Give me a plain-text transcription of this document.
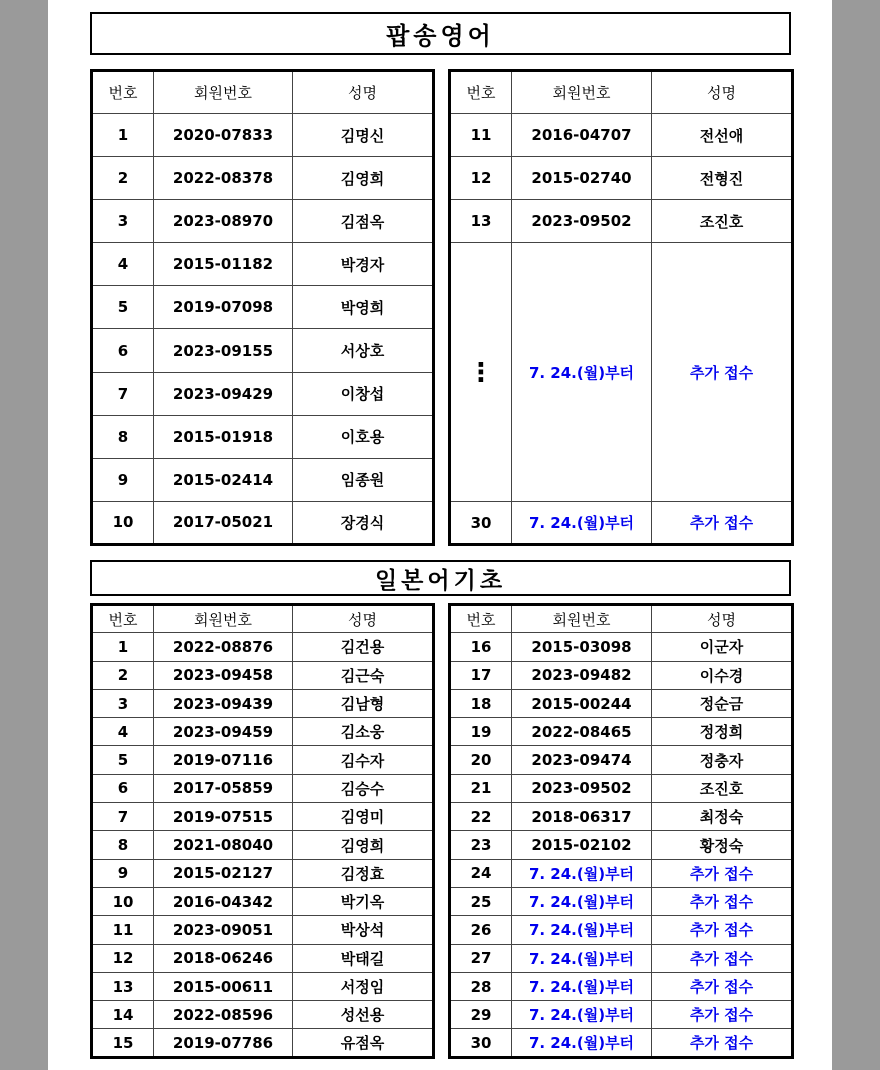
팝송영어
번호	회원번호	성명
1	2020-07833	김명신
2	2022-08378	김영희
3	2023-08970	김점옥
4	2015-01182	박경자
5	2019-07098	박영희
6	2023-09155	서상호
7	2023-09429	이창섭
8	2015-01918	이호용
9	2015-02414	임종원
10	2017-05021	장경식
번호	회원번호	성명
11	2016-04707	전선애
12	2015-02740	전형진
13	2023-09502	조진호
⋮	7. 24.(월)부터	추가 접수
30	7. 24.(월)부터	추가 접수
일본어기초
번호	회원번호	성명
1	2022-08876	김건용
2	2023-09458	김근숙
3	2023-09439	김남형
4	2023-09459	김소웅
5	2019-07116	김수자
6	2017-05859	김승수
7	2019-07515	김영미
8	2021-08040	김영희
9	2015-02127	김정효
10	2016-04342	박기옥
11	2023-09051	박상석
12	2018-06246	박태길
13	2015-00611	서정임
14	2022-08596	성선용
15	2019-07786	유점옥
번호	회원번호	성명
16	2015-03098	이군자
17	2023-09482	이수경
18	2015-00244	정순금
19	2022-08465	정정희
20	2023-09474	정충자
21	2023-09502	조진호
22	2018-06317	최정숙
23	2015-02102	황정숙
24	7. 24.(월)부터	추가 접수
25	7. 24.(월)부터	추가 접수
26	7. 24.(월)부터	추가 접수
27	7. 24.(월)부터	추가 접수
28	7. 24.(월)부터	추가 접수
29	7. 24.(월)부터	추가 접수
30	7. 24.(월)부터	추가 접수
